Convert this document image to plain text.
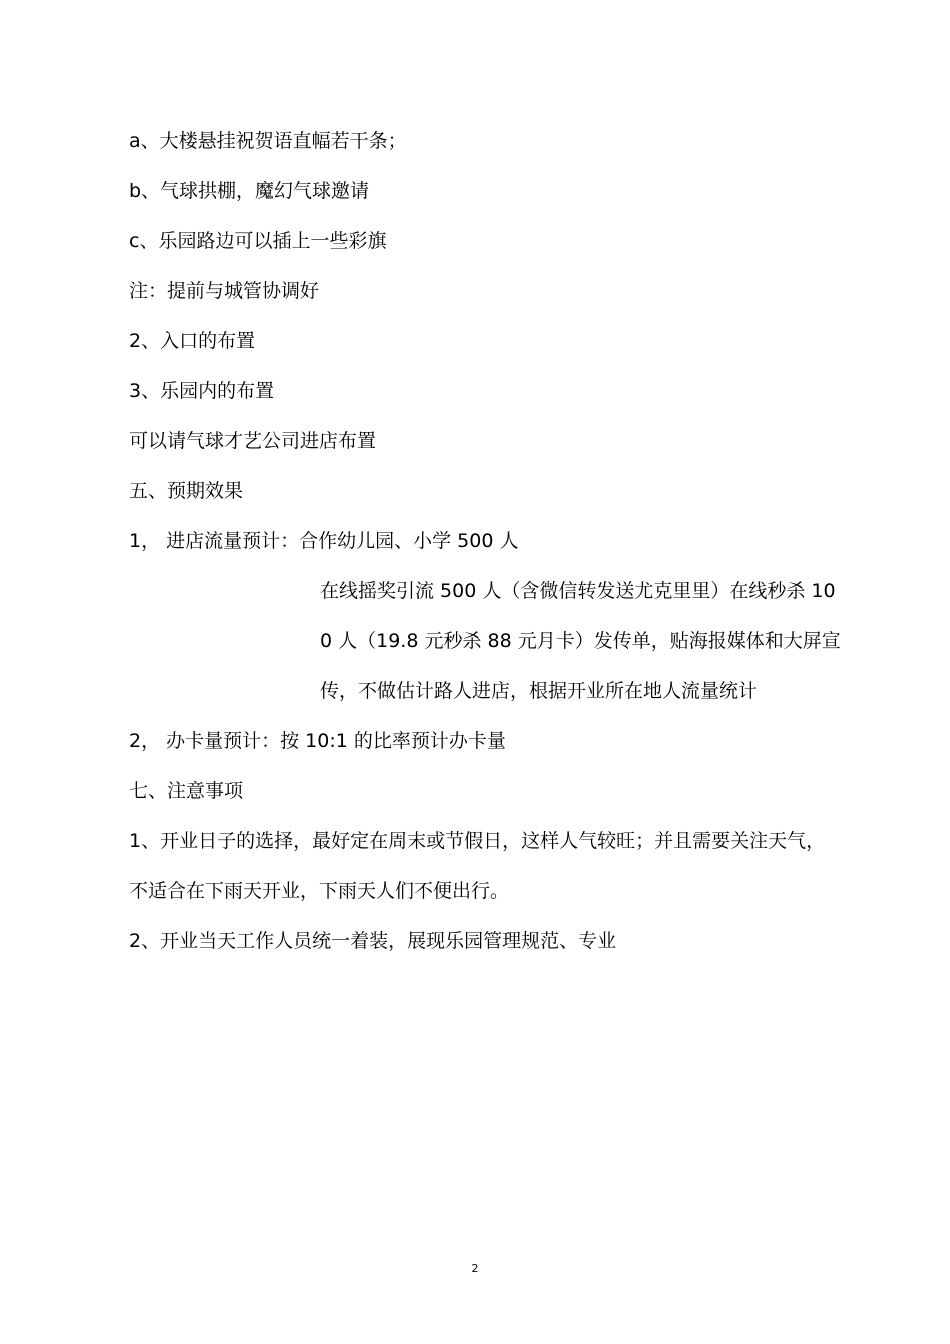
a、大楼悬挂祝贺语直幅若干条；

b、气球拱棚，魔幻气球邀请

c、乐园路边可以插上一些彩旗

注：提前与城管协调好

2、入口的布置

3、乐园内的布置

可以请气球才艺公司进店布置

五、预期效果

1， 进店流量预计：合作幼儿园、小学 500 人

在线摇奖引流 500 人（含微信转发送尤克里里）在线秒杀 10

0 人（19.8 元秒杀 88 元月卡）发传单，贴海报媒体和大屏宣

传，不做估计路人进店，根据开业所在地人流量统计

2， 办卡量预计：按 10:1 的比率预计办卡量

七、注意事项

1、开业日子的选择，最好定在周末或节假日，这样人气较旺；并且需要关注天气，

不适合在下雨天开业，下雨天人们不便出行。

2、开业当天工作人员统一着装，展现乐园管理规范、专业

2
